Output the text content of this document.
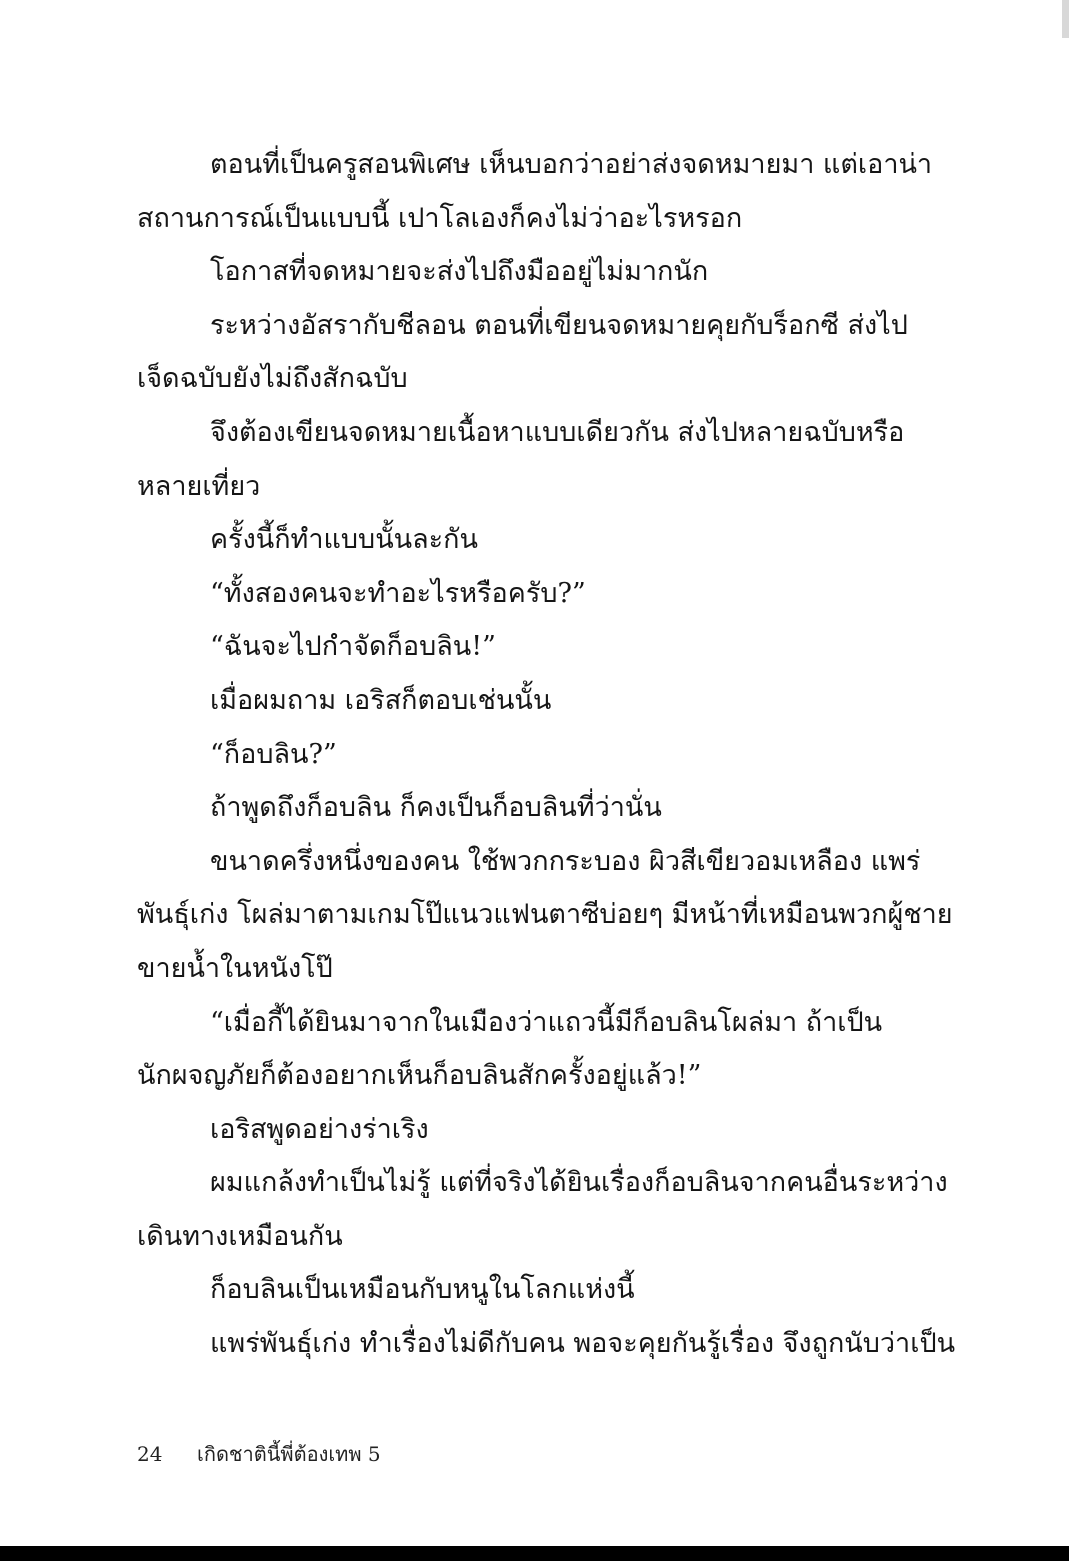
ตอนที่เป็นครูสอนพิเศษ เห็นบอกว่าอย่าส่งจดหมายมา แต่เอาน่า
สถานการณ์เป็นแบบนี้ เปาโลเองก็คงไม่ว่าอะไรหรอก
โอกาสที่จดหมายจะส่งไปถึงมืออยู่ไม่มากนัก
ระหว่างอัสรากับชีลอน ตอนที่เขียนจดหมายคุยกับร็อกซี ส่งไป
เจ็ดฉบับยังไม่ถึงสักฉบับ
จึงต้องเขียนจดหมายเนื้อหาแบบเดียวกัน ส่งไปหลายฉบับหรือ
หลายเที่ยว
ครั้งนี้ก็ทำแบบนั้นละกัน
“ทั้งสองคนจะทำอะไรหรือครับ?”
“ฉันจะไปกำจัดก็อบลิน!”
เมื่อผมถาม เอริสก็ตอบเช่นนั้น
“ก็อบลิน?”
ถ้าพูดถึงก็อบลิน ก็คงเป็นก็อบลินที่ว่านั่น
ขนาดครึ่งหนึ่งของคน ใช้พวกกระบอง ผิวสีเขียวอมเหลือง แพร่
พันธุ์เก่ง โผล่มาตามเกมโป๊แนวแฟนตาซีบ่อยๆ มีหน้าที่เหมือนพวกผู้ชาย
ขายน้ำในหนังโป๊
“เมื่อกี้ได้ยินมาจากในเมืองว่าแถวนี้มีก็อบลินโผล่มา ถ้าเป็น
นักผจญภัยก็ต้องอยากเห็นก็อบลินสักครั้งอยู่แล้ว!”
เอริสพูดอย่างร่าเริง
ผมแกล้งทำเป็นไม่รู้ แต่ที่จริงได้ยินเรื่องก็อบลินจากคนอื่นระหว่าง
เดินทางเหมือนกัน
ก็อบลินเป็นเหมือนกับหนูในโลกแห่งนี้
แพร่พันธุ์เก่ง ทำเรื่องไม่ดีกับคน พอจะคุยกันรู้เรื่อง จึงถูกนับว่าเป็น
24 เกิดชาตินี้พี่ต้องเทพ 5
